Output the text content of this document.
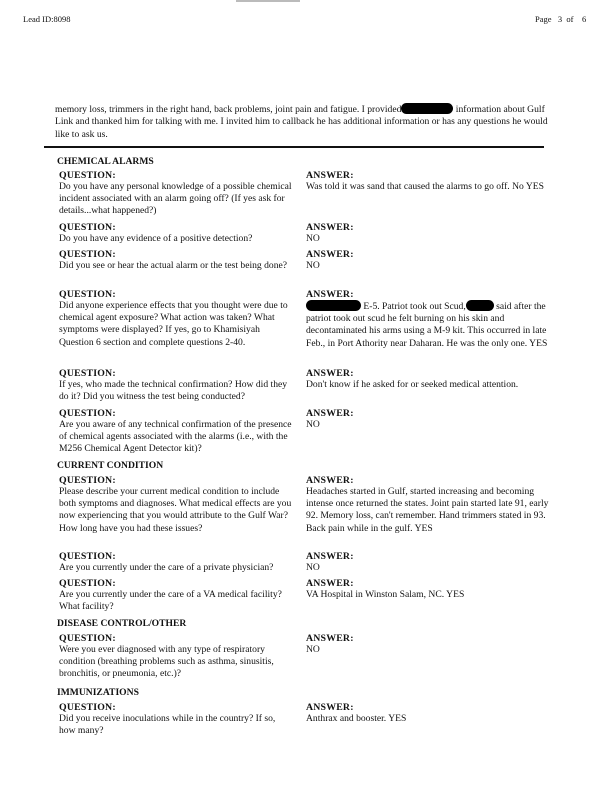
Lead ID:8098	Page   3  of    6
memory loss, trimmers in the right hand, back problems, joint pain and fatigue. I provided	information about Gulf Link and thanked him for talking with me. I invited him to callback he has additional information or has any questions he would like to ask us.
CHEMICAL ALARMS
QUESTION:
Do you have any personal knowledge of a possible chemical incident associated with an alarm going off? (If yes ask for details...what happened?)
ANSWER:
Was told it was sand that caused the alarms to go off. No YES
QUESTION:
Do you have any evidence of a positive detection?
ANSWER:
NO
QUESTION:
Did you see or hear the actual alarm or the test being done?
ANSWER:
NO
QUESTION:
Did anyone experience effects that you thought were due to chemical agent exposure? What action was taken? What symptoms were displayed? If yes, go to Khamisiyah Question 6 section and complete questions 2-40.
ANSWER:
E-5. Patriot took out Scud,	said after the patriot took out scud he felt burning on his skin and decontaminated his arms using a M-9 kit. This occurred in late Feb., in Port Athority near Daharan. He was the only one. YES
QUESTION:
If yes, who made the technical confirmation? How did they do it? Did you witness the test being conducted?
ANSWER:
Don't know if he asked for or seeked medical attention.
QUESTION:
Are you aware of any technical confirmation of the presence of chemical agents associated with the alarms (i.e., with the M256 Chemical Agent Detector kit)?
ANSWER:
NO
CURRENT CONDITION
QUESTION:
Please describe your current medical condition to include both symptoms and diagnoses. What medical effects are you now experiencing that you would attribute to the Gulf War? How long have you had these issues?
ANSWER:
Headaches started in Gulf, started increasing and becoming intense once returned the states. Joint pain started late 91, early 92. Memory loss, can't remember. Hand trimmers stated in 93. Back pain while in the gulf. YES
QUESTION:
Are you currently under the care of a private physician?
ANSWER:
NO
QUESTION:
Are you currently under the care of a VA medical facility? What facility?
ANSWER:
VA Hospital in Winston Salam, NC. YES
DISEASE CONTROL/OTHER
QUESTION:
Were you ever diagnosed with any type of respiratory condition (breathing problems such as asthma, sinusitis, bronchitis, or pneumonia, etc.)?
ANSWER:
NO
IMMUNIZATIONS
QUESTION:
Did you receive inoculations while in the country? If so, how many?
ANSWER:
Anthrax and booster. YES
